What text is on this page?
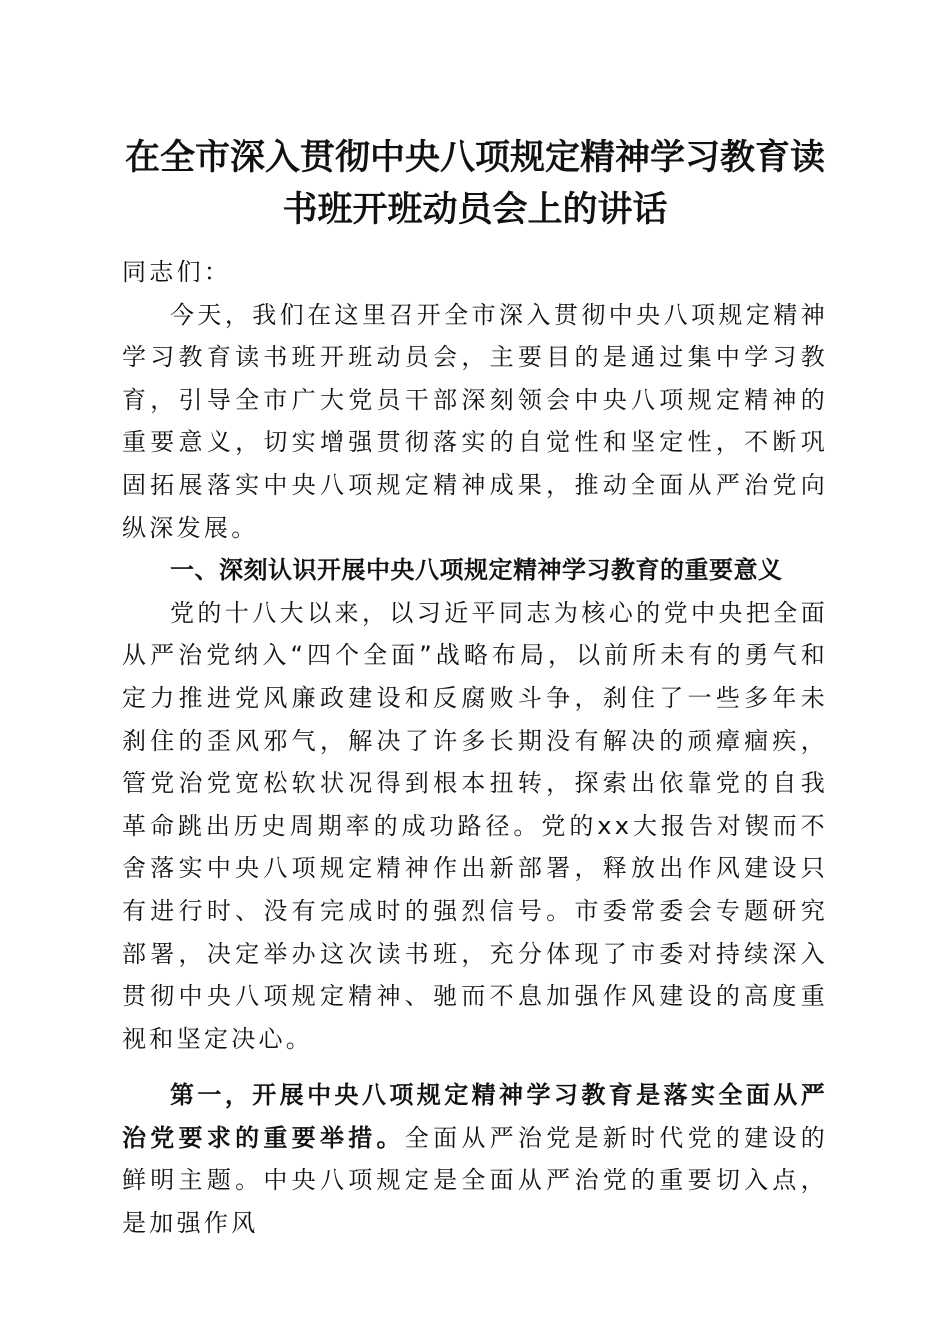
在全市深入贯彻中央八项规定精神学习教育读
书班开班动员会上的讲话

同志们：

今天，我们在这里召开全市深入贯彻中央八项规定精神学习教育读书班开班动员会，主要目的是通过集中学习教育，引导全市广大党员干部深刻领会中央八项规定精神的重要意义，切实增强贯彻落实的自觉性和坚定性，不断巩固拓展落实中央八项规定精神成果，推动全面从严治党向纵深发展。

一、深刻认识开展中央八项规定精神学习教育的重要意义

党的十八大以来，以习近平同志为核心的党中央把全面从严治党纳入“四个全面”战略布局，以前所未有的勇气和定力推进党风廉政建设和反腐败斗争，刹住了一些多年未刹住的歪风邪气，解决了许多长期没有解决的顽瘴痼疾，管党治党宽松软状况得到根本扭转，探索出依靠党的自我革命跳出历史周期率的成功路径。党的xx大报告对锲而不舍落实中央八项规定精神作出新部署，释放出作风建设只有进行时、没有完成时的强烈信号。市委常委会专题研究部署，决定举办这次读书班，充分体现了市委对持续深入贯彻中央八项规定精神、驰而不息加强作风建设的高度重视和坚定决心。

第一，开展中央八项规定精神学习教育是落实全面从严治党要求的重要举措。全面从严治党是新时代党的建设的鲜明主题。中央八项规定是全面从严治党的重要切入点，是加强作风
